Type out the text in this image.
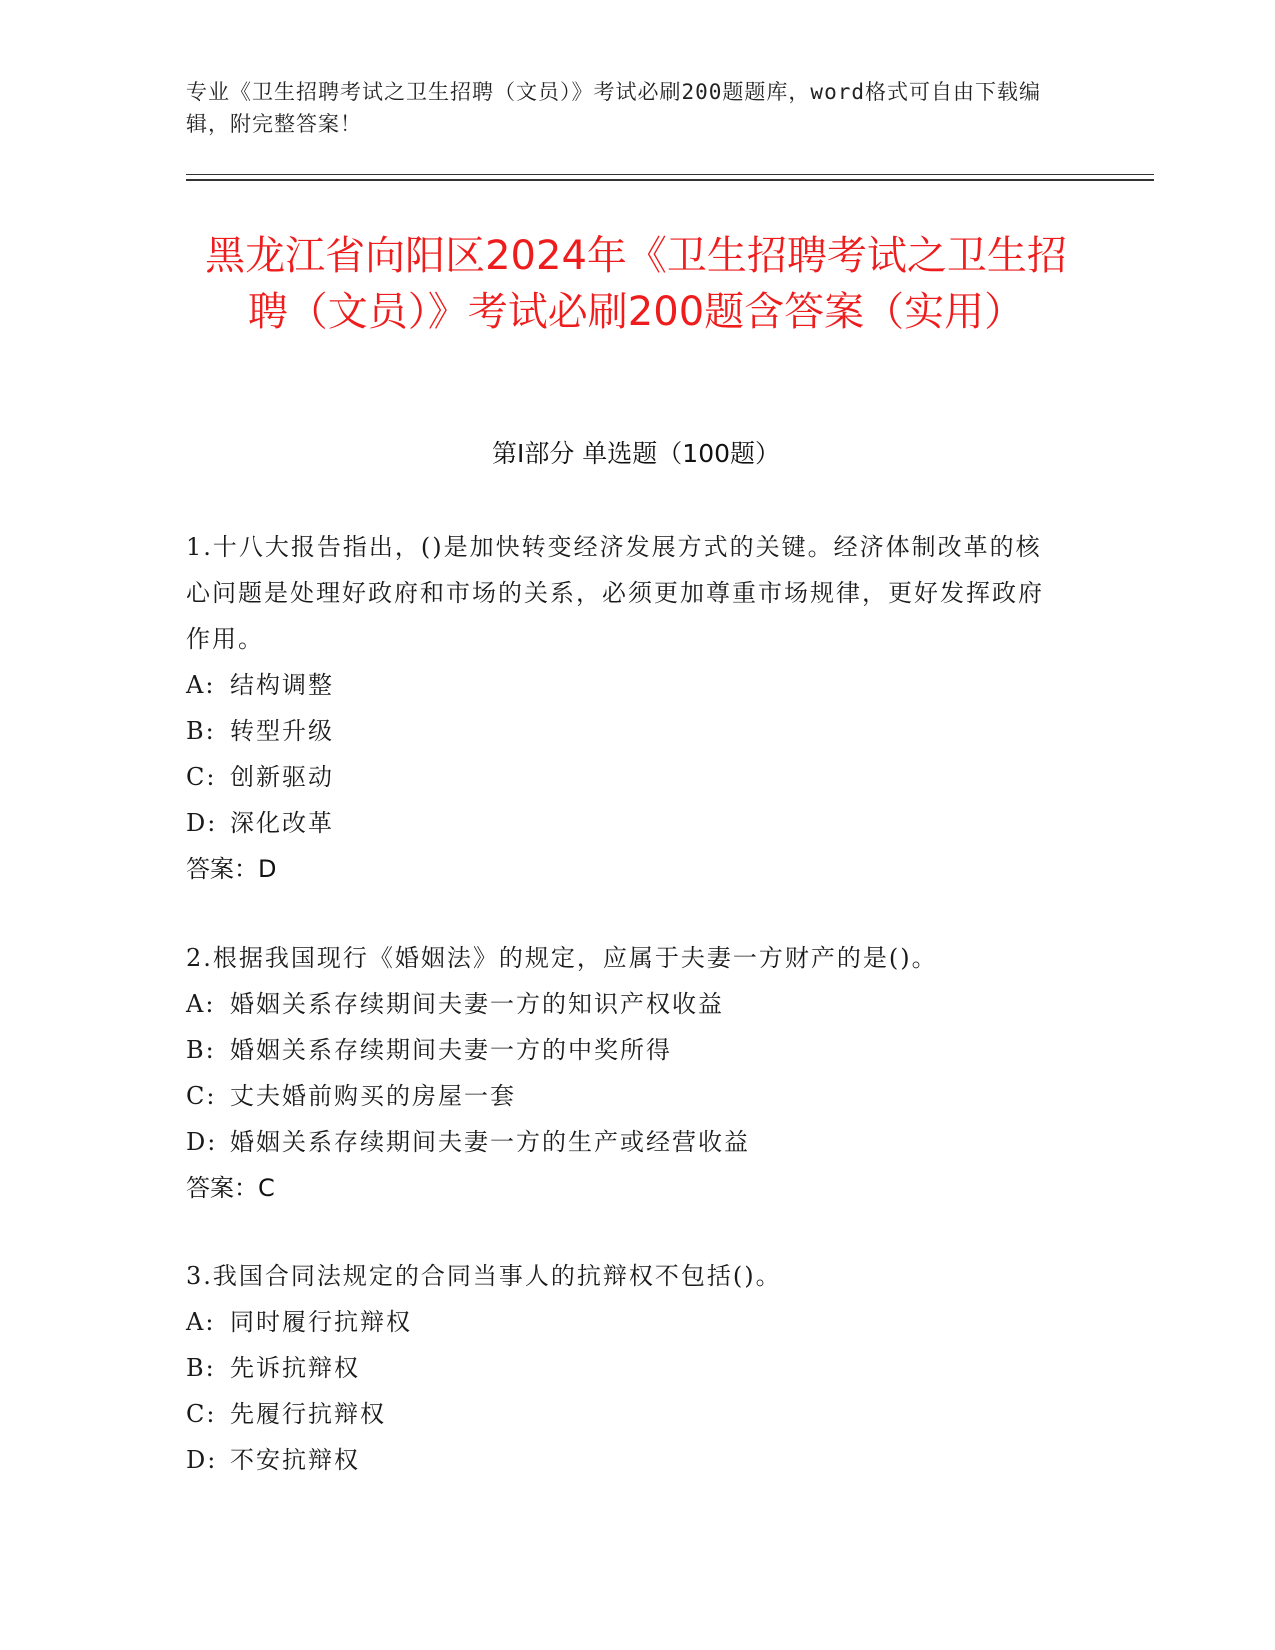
专业《卫生招聘考试之卫生招聘（文员）》考试必刷200题题库，word格式可自由下载编辑，附完整答案！
黑龙江省向阳区2024年《卫生招聘考试之卫生招聘（文员）》考试必刷200题含答案（实用）
第Ⅰ部分 单选题（100题）

1.十八大报告指出，()是加快转变经济发展方式的关键。经济体制改革的核心问题是处理好政府和市场的关系，必须更加尊重市场规律，更好发挥政府作用。

A: 结构调整
B: 转型升级
C: 创新驱动
D: 深化改革
答案：D

2.根据我国现行《婚姻法》的规定，应属于夫妻一方财产的是()。

A: 婚姻关系存续期间夫妻一方的知识产权收益
B: 婚姻关系存续期间夫妻一方的中奖所得
C: 丈夫婚前购买的房屋一套
D: 婚姻关系存续期间夫妻一方的生产或经营收益
答案：C

3.我国合同法规定的合同当事人的抗辩权不包括()。

A: 同时履行抗辩权
B: 先诉抗辩权
C: 先履行抗辩权
D: 不安抗辩权
